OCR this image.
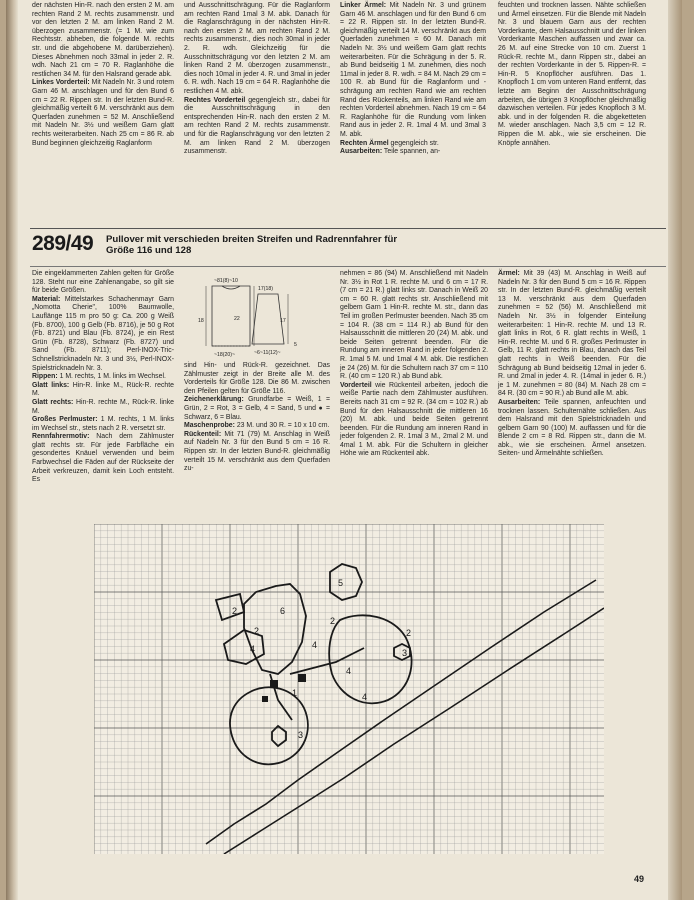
der nächsten Hin-R. nach den ersten 2 M. am rechten Rand 2 M. rechts zusammenstr. und vor den letzten 2 M. am linken Rand 2 M. überzogen zusammenstr. (= 1 M. wie zum Rechtsstr. abheben, die folgende M. rechts str. und die abgehobene M. darüberziehen). Dieses Abnehmen noch 33mal in jeder 2. R. wdh. Nach 21 cm = 70 R. Raglanhöhe die restlichen 34 M. für den Halsrand gerade abk.

Linkes Vorderteil: Mit Nadeln Nr. 3 und rotem Garn 46 M. anschlagen und für den Bund 6 cm = 22 R. Rippen str. In der letzten Bund-R. gleichmäßig verteilt 6 M. verschränkt aus dem Querfaden zunehmen = 52 M. Anschließend mit Nadeln Nr. 3½ und weißem Garn glatt rechts weiterarbeiten. Nach 25 cm = 86 R. ab Bund beginnen gleichzeitig Raglanform

und Ausschnittschrägung. Für die Raglanform am rechten Rand 1mal 3 M. abk. Danach für die Raglanschrägung in der nächsten Hin-R. nach den ersten 2 M. am rechten Rand 2 M. rechts zusammenstr., dies noch 30mal in jeder 2. R. wdh. Gleichzeitig für die Ausschnittschrägung vor den letzten 2 M. am linken Rand 2 M. überzogen zusammenstr., dies noch 10mal in jeder 4. R. und 3mal in jeder 6. R. wdh. Nach 19 cm = 64 R. Raglanhöhe die restlichen 4 M. abk.

Rechtes Vorderteil gegengleich str., dabei für die Ausschnittschrägung in den entsprechenden Hin-R. nach den ersten 2 M. am rechten Rand 2 M. rechts zusammenstr. und für die Raglanschrägung vor den letzten 2 M. am linken Rand 2 M. überzogen zusammenstr.

Linker Ärmel: Mit Nadeln Nr. 3 und grünem Garn 46 M. anschlagen und für den Bund 6 cm = 22 R. Rippen str. In der letzten Bund-R. gleichmäßig verteilt 14 M. verschränkt aus dem Querfaden zunehmen = 60 M. Danach mit Nadeln Nr. 3½ und weißem Garn glatt rechts weiterarbeiten. Für die Schrägung in der 5. R. ab Bund beidseitig 1 M. zunehmen, dies noch 11mal in jeder 8. R. wdh. = 84 M. Nach 29 cm = 100 R. ab Bund für die Raglanform und -schrägung am rechten Rand wie am rechten Rand des Rückenteils, am linken Rand wie am rechten Vorderteil abnehmen. Nach 19 cm = 64 R. Raglanhöhe für die Rundung vom linken Rand aus in jeder 2. R. 1mal 4 M. und 3mal 3 M. abk.

Rechten Ärmel gegengleich str.

Ausarbeiten: Teile spannen, an-

feuchten und trocknen lassen. Nähte schließen und Ärmel einsetzen. Für die Blende mit Nadeln Nr. 3 und blauem Garn aus der rechten Vorderkante, dem Halsausschnitt und der linken Vorderkante Maschen auffassen und zwar ca. 26 M. auf eine Strecke von 10 cm. Zuerst 1 Rück-R. rechte M., dann Rippen str., dabei an der rechten Vorderkante in der 5. Rippen-R. = Hin-R. 5 Knopflöcher ausführen. Das 1. Knopfloch 1 cm vom unteren Rand entfernt, das letzte am Beginn der Ausschnittschrägung arbeiten, die übrigen 3 Knopflöcher gleichmäßig dazwischen verteilen. Für jedes Knopfloch 3 M. abk. und in der folgenden R. die abgeketteten M. wieder anschlagen. Nach 3,5 cm = 12 R. Rippen die M. abk., wie sie erscheinen. Die Knöpfe annähen.

289/49 Pullover mit verschieden breiten Streifen und Radrennfahrer für Größe 116 und 128

Die eingeklammerten Zahlen gelten für Größe 128. Steht nur eine Zahlenangabe, so gilt sie für beide Größen.

Material: Mittelstarkes Schachenmayr Garn „Nomotta Cherie", 100% Baumwolle, Lauflänge 115 m pro 50 g: Ca. 200 g Weiß (Fb. 8700), 100 g Gelb (Fb. 8716), je 50 g Rot (Fb. 8721) und Blau (Fb. 8724), je ein Rest Grün (Fb. 8728), Schwarz (Fb. 8727) und Sand (Fb. 8711); Perl-INOX-Tric-Schnellstricknadeln Nr. 3 und 3½, Perl-INOX-Spielstricknadeln Nr. 3.

Rippen: 1 M. rechts, 1 M. links im Wechsel.

Glatt links: Hin-R. linke M., Rück-R. rechte M.

Glatt rechts: Hin-R. rechte M., Rück-R. linke M.

Großes Perlmuster: 1 M. rechts, 1 M. links im Wechsel str., stets nach 2 R. versetzt str.

Rennfahrermotiv: Nach dem Zählmuster glatt rechts str. Für jede Farbfläche ein gesondertes Knäuel verwenden und beim Farbwechsel die Fäden auf der Rückseite der Arbeit verkreuzen, damit kein Loch entsteht. Es

sind Hin- und Rück-R. gezeichnet. Das Zählmuster zeigt in der Breite alle M. des Vorderteils für Größe 128. Die 86 M. zwischen den Pfeilen gelten für Größe 116.

Zeichenerklärung: Grundfarbe = Weiß, 1 = Grün, 2 = Rot, 3 = Gelb, 4 = Sand, 5 und ● = Schwarz, 6 = Blau.

Maschenprobe: 23 M. und 30 R. = 10 x 10 cm.

Rückenteil: Mit 71 (79) M. Anschlag in Weiß auf Nadeln Nr. 3 für den Bund 5 cm = 16 R. Rippen str. In der letzten Bund-R. gleichmäßig verteilt 15 M. verschränkt aus dem Querfaden zu-

nehmen = 86 (94) M. Anschließend mit Nadeln Nr. 3½ in Rot 1 R. rechte M. und 6 cm = 17 R. (7 cm = 21 R.) glatt links str. Danach in Weiß 20 cm = 60 R. glatt rechts str. Anschließend mit gelbem Garn 1 Hin-R. rechte M. str., dann das Teil im großen Perlmuster beenden. Nach 35 cm = 104 R. (38 cm = 114 R.) ab Bund für den Halsausschnitt die mittleren 20 (24) M. abk. und beide Seiten getrennt beenden. Für die Rundung am inneren Rand in jeder folgenden 2. R. 1mal 5 M. und 1mal 4 M. abk. Die restlichen je 24 (26) M. für die Schultern nach 37 cm = 110 R. (40 cm = 120 R.) ab Bund abk.

Vorderteil wie Rückenteil arbeiten, jedoch die weiße Partie nach dem Zählmuster ausführen. Bereits nach 31 cm = 92 R. (34 cm = 102 R.) ab Bund für den Halsausschnitt die mittleren 16 (20) M. abk. und beide Seiten getrennt beenden. Für die Rundung am inneren Rand in jeder folgenden 2. R. 1mal 3 M., 2mal 2 M. und 4mal 1 M. abk. Für die Schultern in gleicher Höhe wie am Rückenteil abk.

Ärmel: Mit 39 (43) M. Anschlag in Weiß auf Nadeln Nr. 3 für den Bund 5 cm = 16 R. Rippen str. In der letzten Bund-R. gleichmäßig verteilt 13 M. verschränkt aus dem Querfaden zunehmen = 52 (56) M. Anschließend mit Nadeln Nr. 3½ in folgender Einteilung weiterarbeiten: 1 Hin-R. rechte M. und 13 R. glatt links in Rot, 6 R. glatt rechts in Weiß, 1 Hin-R. rechte M. und 6 R. großes Perlmuster in Gelb, 11 R. glatt rechts in Blau, danach das Teil glatt rechts in Weiß beenden. Für die Schrägung ab Bund beidseitig 12mal in jeder 6. R. und 2mal in jeder 4. R. (14mal in jeder 6. R.) je 1 M. zunehmen = 80 (84) M. Nach 28 cm = 84 R. (30 cm = 90 R.) ab Bund alle M. abk.

Ausarbeiten: Teile spannen, anfeuchten und trocknen lassen. Schulternähte schließen. Aus dem Halsrand mit den Spielstricknadeln und gelbem Garn 90 (100) M. auffassen und für die Blende 2 cm = 8 Rd. Rippen str., dann die M. abk., wie sie erscheinen. Ärmel ansetzen. Seiten- und Ärmelnähte schließen.

~81(8)~10
17(18)
18	22	17
~18(20)~	~6~11(12)~
5
2	6
5
2
2
4
4
4
2
3
3
1	4
49
